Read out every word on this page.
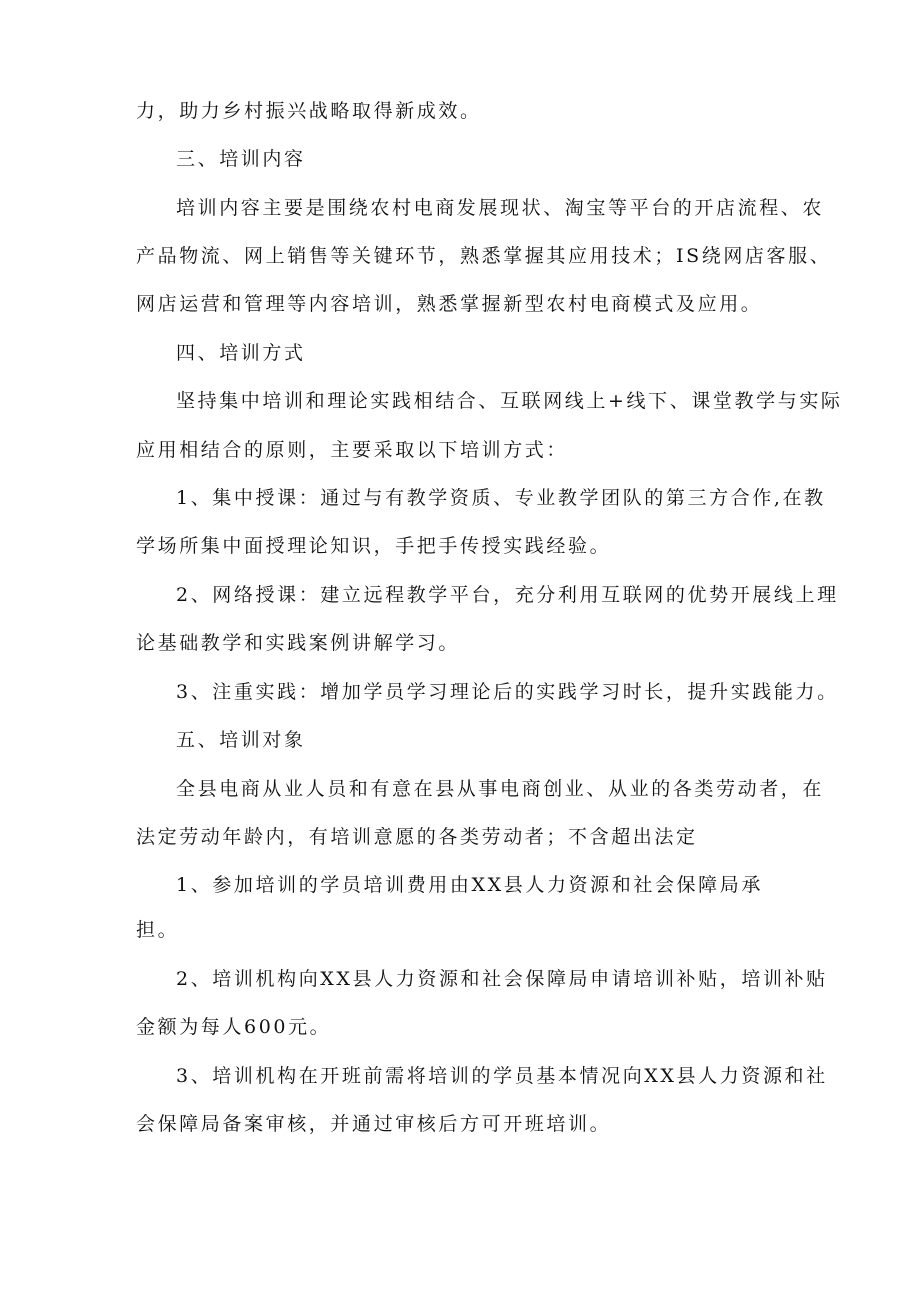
力，助力乡村振兴战略取得新成效。
三、培训内容
培训内容主要是围绕农村电商发展现状、淘宝等平台的开店流程、农
产品物流、网上销售等关键环节，熟悉掌握其应用技术；IS绕网店客服、
网店运营和管理等内容培训，熟悉掌握新型农村电商模式及应用。
四、培训方式
坚持集中培训和理论实践相结合、互联网线上+线下、课堂教学与实际
应用相结合的原则，主要采取以下培训方式：
1、集中授课：通过与有教学资质、专业教学团队的第三方合作,在教
学场所集中面授理论知识，手把手传授实践经验。
2、网络授课：建立远程教学平台，充分利用互联网的优势开展线上理
论基础教学和实践案例讲解学习。
3、注重实践：增加学员学习理论后的实践学习时长，提升实践能力。
五、培训对象
全县电商从业人员和有意在县从事电商创业、从业的各类劳动者，在
法定劳动年龄内，有培训意愿的各类劳动者；不含超出法定
1、参加培训的学员培训费用由XX县人力资源和社会保障局承
担。
2、培训机构向XX县人力资源和社会保障局申请培训补贴，培训补贴
金额为每人600元。
3、培训机构在开班前需将培训的学员基本情况向XX县人力资源和社
会保障局备案审核，并通过审核后方可开班培训。
